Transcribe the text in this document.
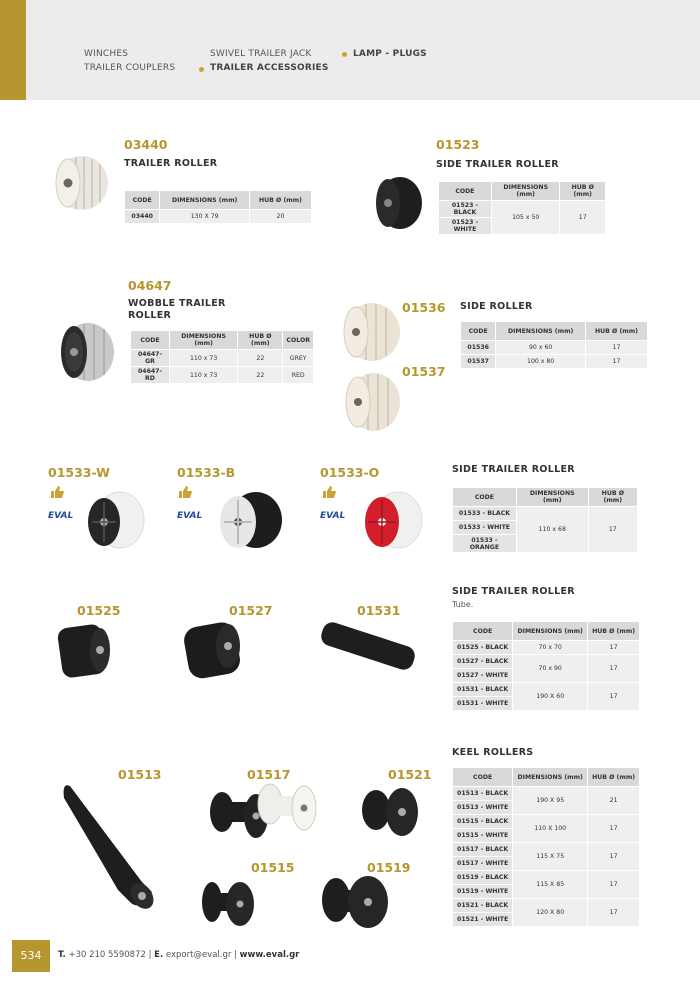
WINCHES
TRAILER COUPLERS
SWIVEL TRAILER JACK
TRAILER ACCESSORIES
LAMP - PLUGS
03440
TRAILER ROLLER
CODE	DIMENSIONS (mm)	HUB Ø (mm)
03440	130 X 79	20
01523
SIDE TRAILER ROLLER
CODE	DIMENSIONS (mm)	HUB Ø (mm)
01523 - BLACK	105 x 50	17
01523 - WHITE		
04647
WOBBLE TRAILER ROLLER
CODE	DIMENSIONS (mm)	HUB Ø (mm)	COLOR
04647-GR	110 x 73	22	GREY
04647-RD	110 x 73	22	RED
01536
01537
SIDE ROLLER
CODE	DIMENSIONS (mm)	HUB Ø (mm)
01536	90 x 60	17
01537	100 x 80	17
01533-W	01533-B	01533-O
EVAL	EVAL	EVAL
SIDE TRAILER ROLLER
CODE	DIMENSIONS (mm)	HUB Ø (mm)
01533 - BLACK	110 x 68	17
01533 - WHITE		
01533 - ORANGE		
01525	01527	01531
SIDE TRAILER ROLLER
Tube.
CODE	DIMENSIONS (mm)	HUB Ø (mm)
01525 - BLACK	70 x 70	17
01527 - BLACK	70 x 90	17
01527 - WHITE		
01531 - BLACK	190 X 60	17
01531 - WHITE		
01513	01517	01521
01515	01519
KEEL ROLLERS
CODE	DIMENSIONS (mm)	HUB Ø (mm)
01513 - BLACK	190 X 95	21
01513 - WHITE		
01515 - BLACK	110 X 100	17
01515 - WHITE		
01517 - BLACK	115 X 75	17
01517 - WHITE		
01519 - BLACK	115 X 85	17
01519 - WHITE		
01521 - BLACK	120 X 80	17
01521 - WHITE		
534	T. +30 210 5590872 | E. export@eval.gr | www.eval.gr
